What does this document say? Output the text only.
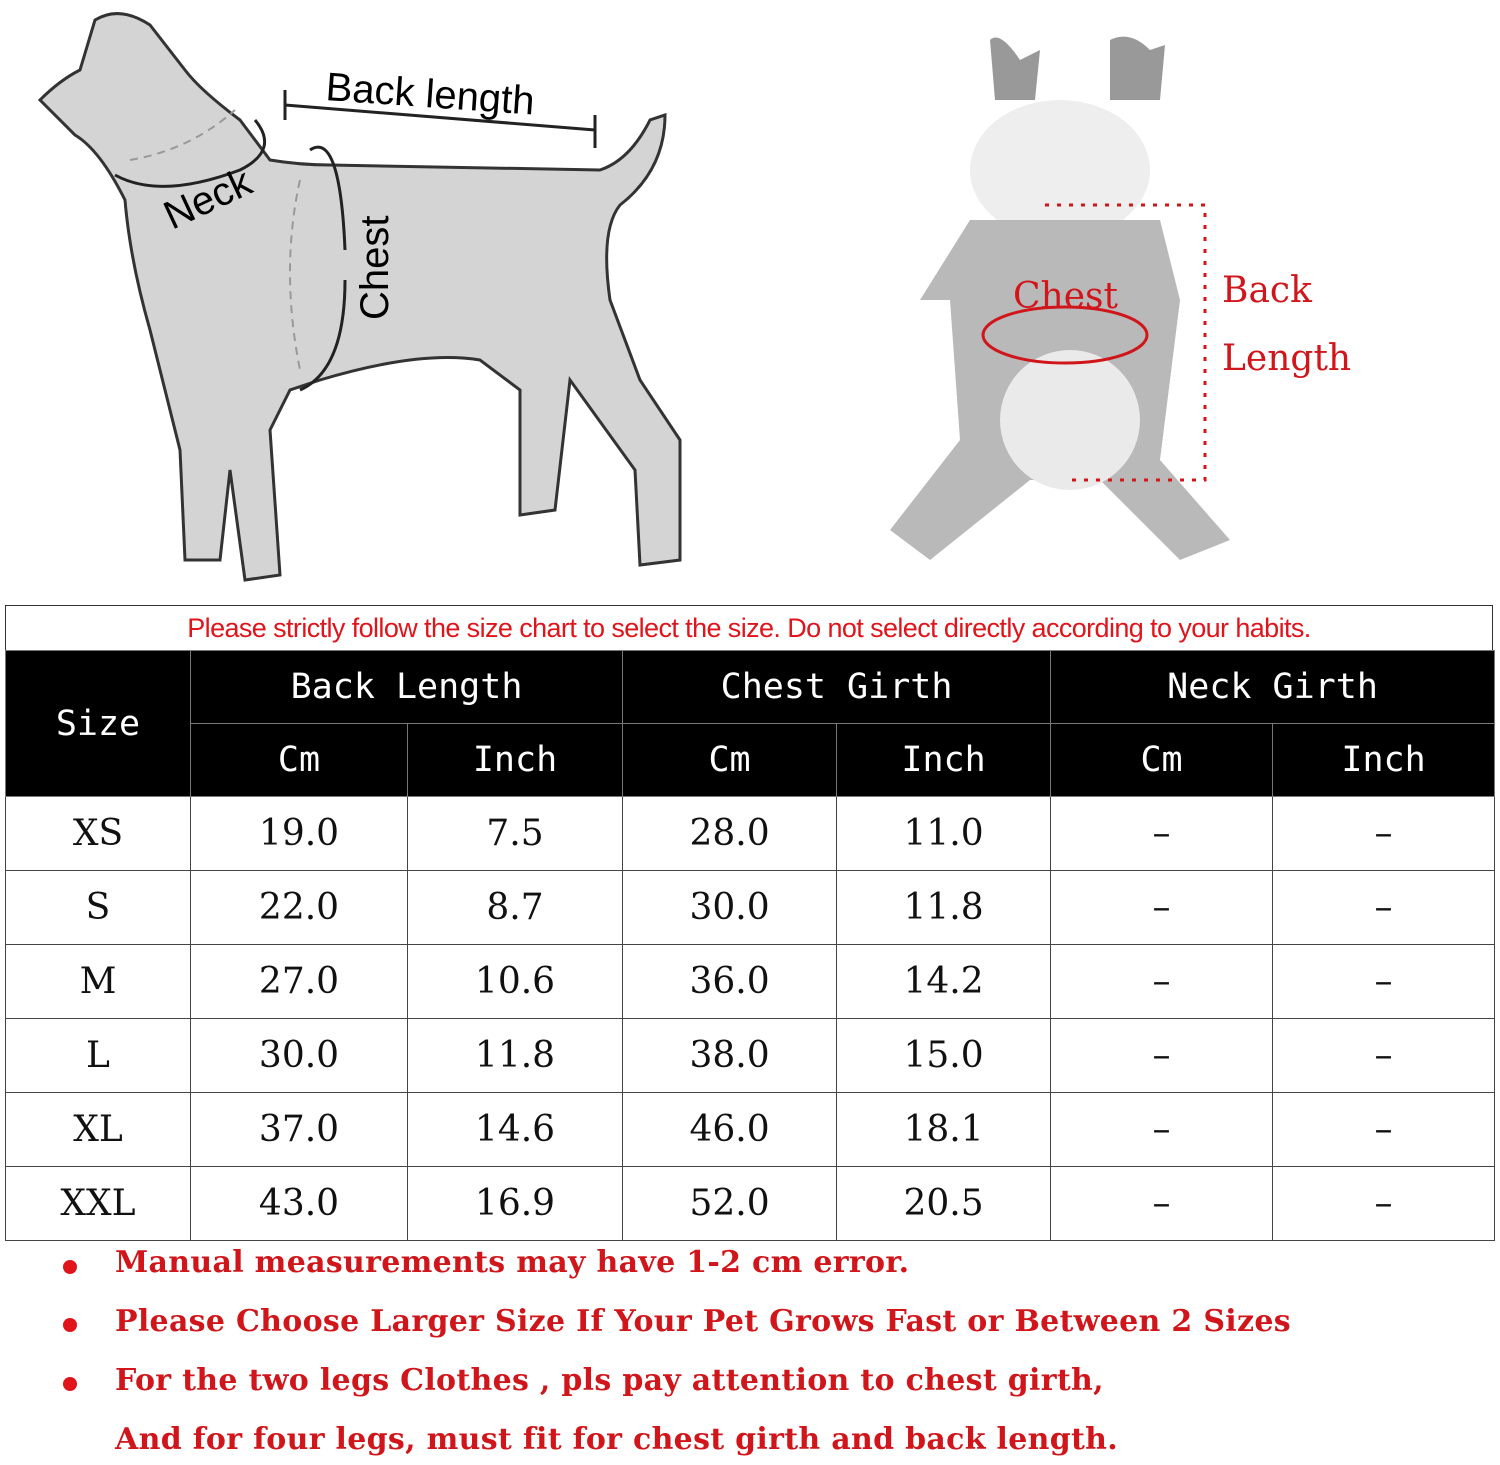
Back length
Neck
Chest	Chest	Back
Length
Please strictly follow the size chart to select the size. Do not select directly according to your habits.
Size	Back Length		Chest Girth		Neck Girth	
	Cm	Inch	Cm	Inch	Cm	Inch
XS	19.0	7.5	28.0	11.0	–	–
S	22.0	8.7	30.0	11.8	–	–
M	27.0	10.6	36.0	14.2	–	–
L	30.0	11.8	38.0	15.0	–	–
XL	37.0	14.6	46.0	18.1	–	–
XXL	43.0	16.9	52.0	20.5	–	–
Manual measurements may have 1-2 cm error.
Please Choose Larger Size If Your Pet Grows Fast or Between 2 Sizes
For the two legs Clothes , pls pay attention to chest girth,
And for four legs, must fit for chest girth and back length.
